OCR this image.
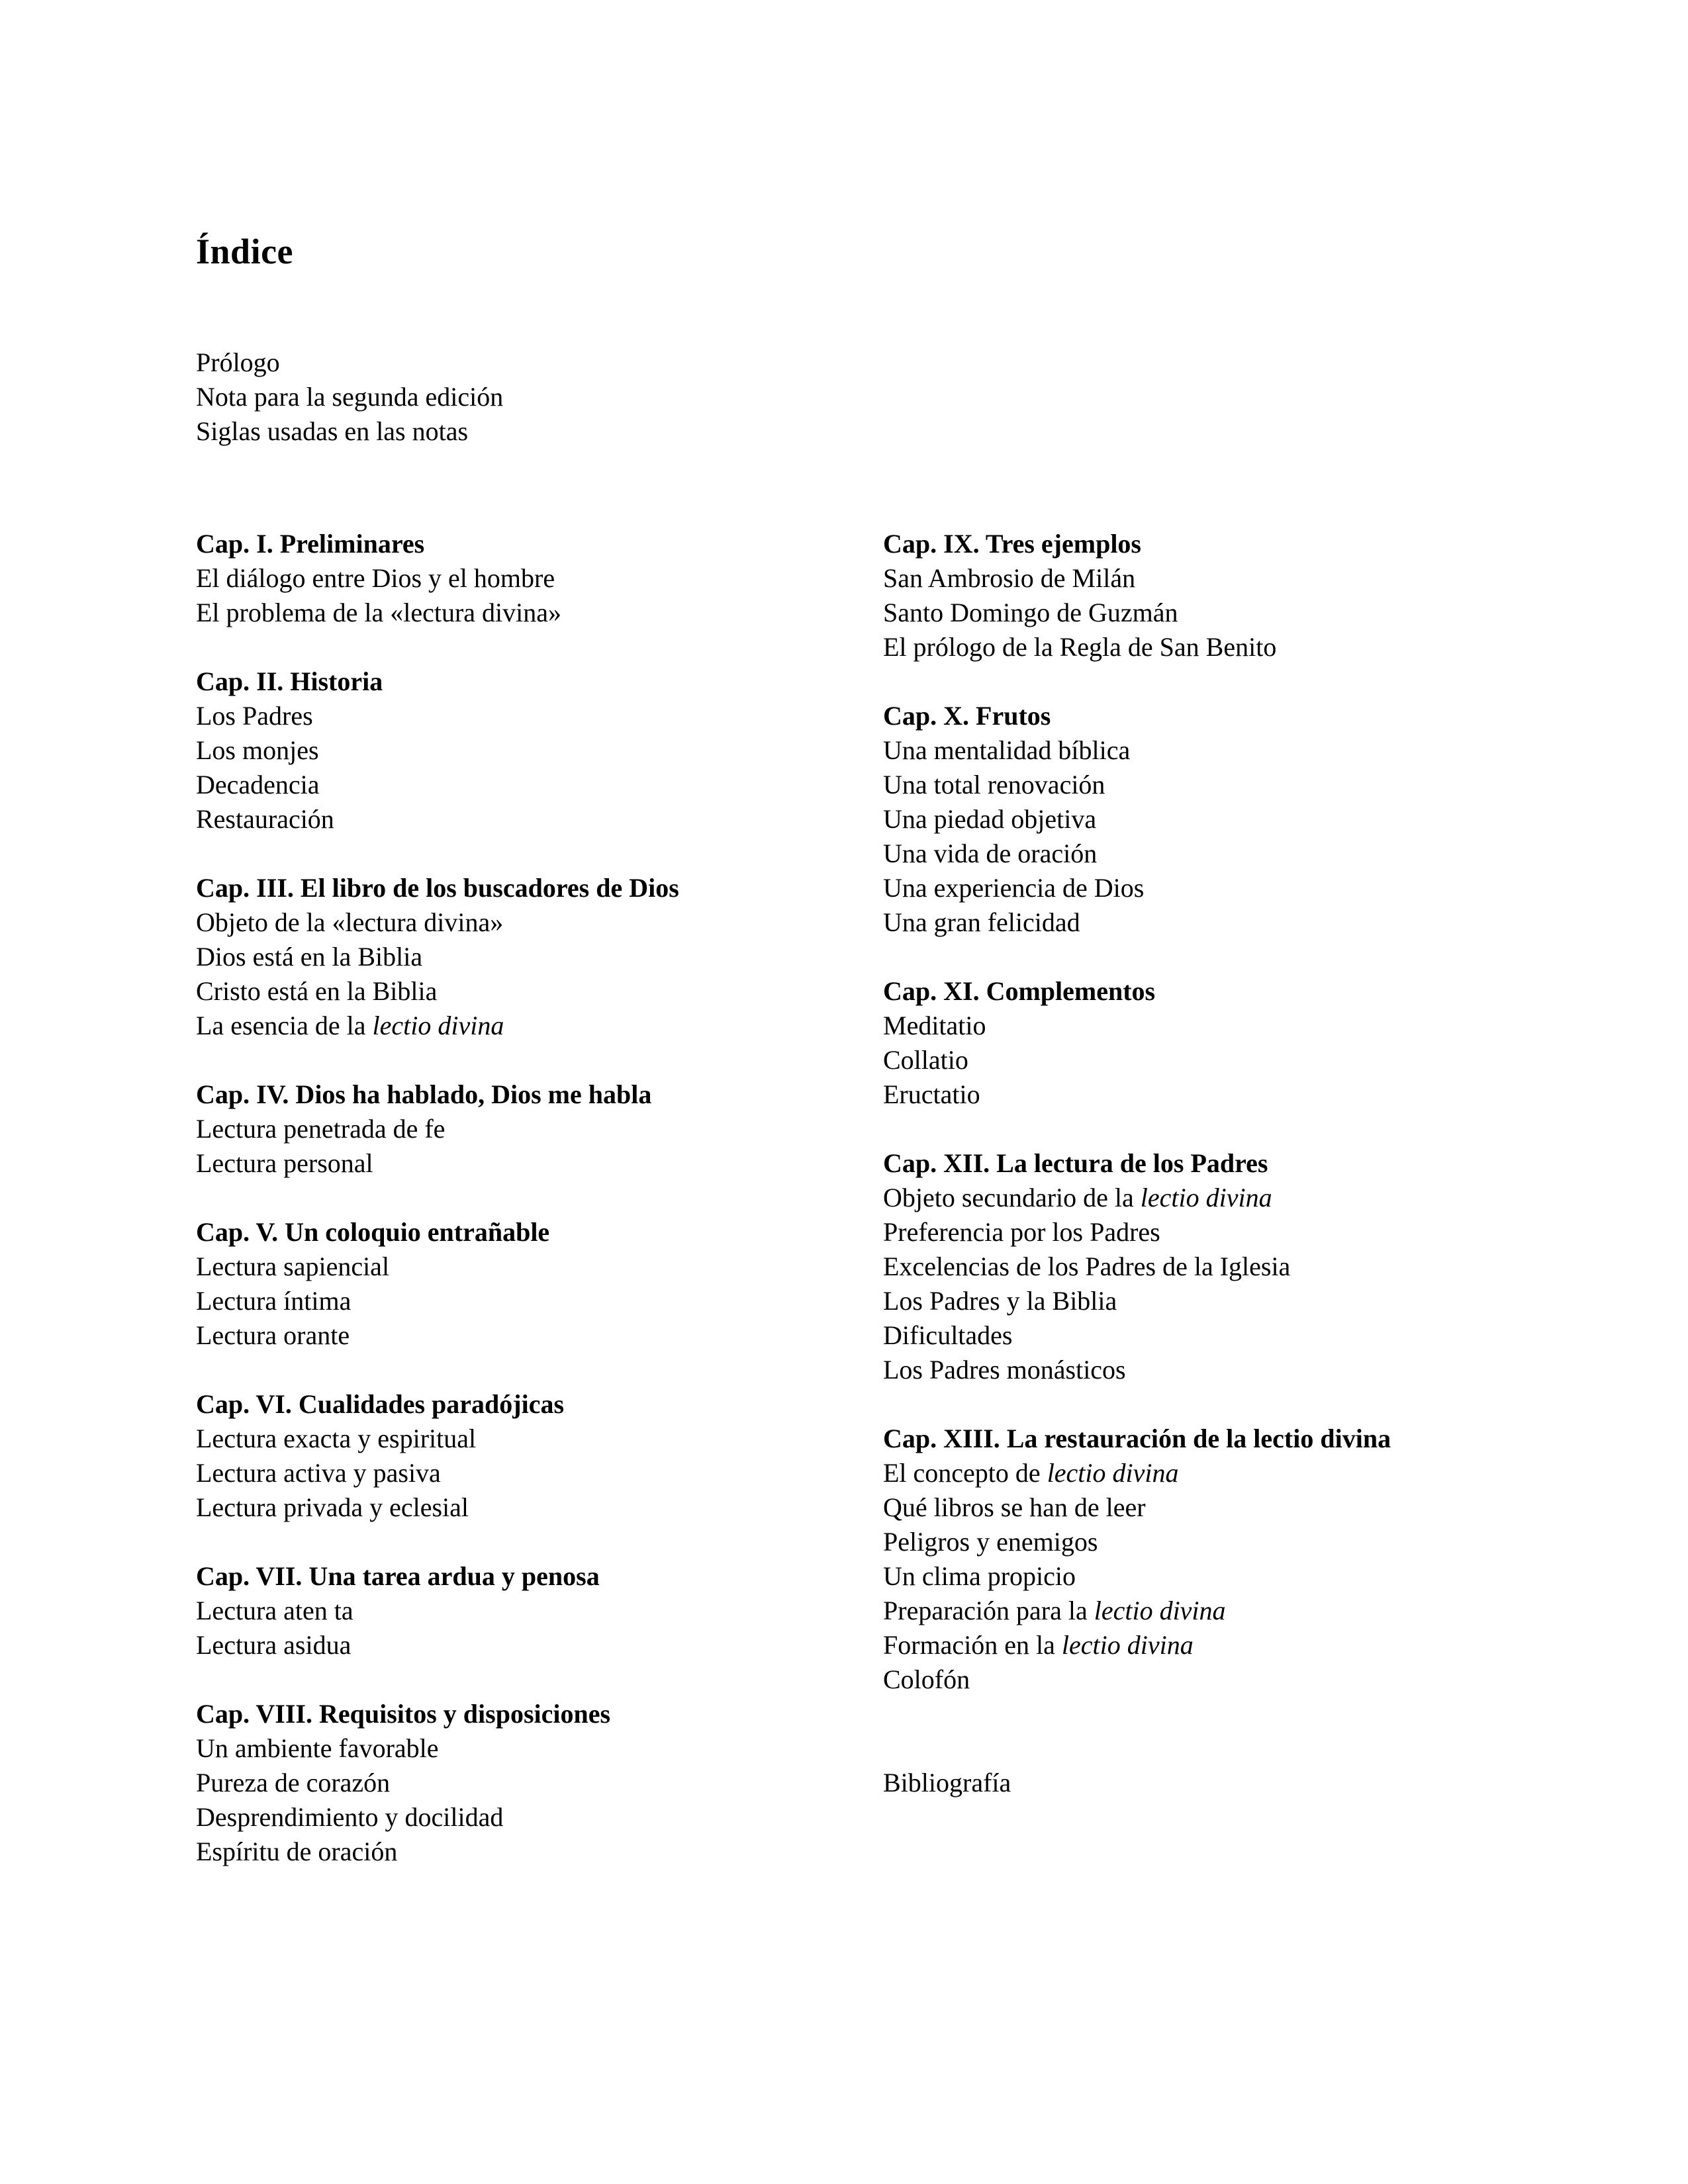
Índice
Prólogo
Nota para la segunda edición
Siglas usadas en las notas
Cap. I. Preliminares
El diálogo entre Dios y el hombre
El problema de la «lectura divina»
Cap. II. Historia
Los Padres
Los monjes
Decadencia
Restauración
Cap. III. El libro de los buscadores de Dios
Objeto de la «lectura divina»
Dios está en la Biblia
Cristo está en la Biblia
La esencia de la lectio divina
Cap. IV. Dios ha hablado, Dios me habla
Lectura penetrada de fe
Lectura personal
Cap. V. Un coloquio entrañable
Lectura sapiencial
Lectura íntima
Lectura orante
Cap. VI. Cualidades paradójicas
Lectura exacta y espiritual
Lectura activa y pasiva
Lectura privada y eclesial
Cap. VII. Una tarea ardua y penosa
Lectura aten ta
Lectura asidua
Cap. VIII. Requisitos y disposiciones
Un ambiente favorable
Pureza de corazón
Desprendimiento y docilidad
Espíritu de oración
Cap. IX. Tres ejemplos
San Ambrosio de Milán
Santo Domingo de Guzmán
El prólogo de la Regla de San Benito
Cap. X. Frutos
Una mentalidad bíblica
Una total renovación
Una piedad objetiva
Una vida de oración
Una experiencia de Dios
Una gran felicidad
Cap. XI. Complementos
Meditatio
Collatio
Eructatio
Cap. XII. La lectura de los Padres
Objeto secundario de la lectio divina
Preferencia por los Padres
Excelencias de los Padres de la Iglesia
Los Padres y la Biblia
Dificultades
Los Padres monásticos
Cap. XIII. La restauración de la lectio divina
El concepto de lectio divina
Qué libros se han de leer
Peligros y enemigos
Un clima propicio
Preparación para la lectio divina
Formación en la lectio divina
Colofón
Bibliografía
